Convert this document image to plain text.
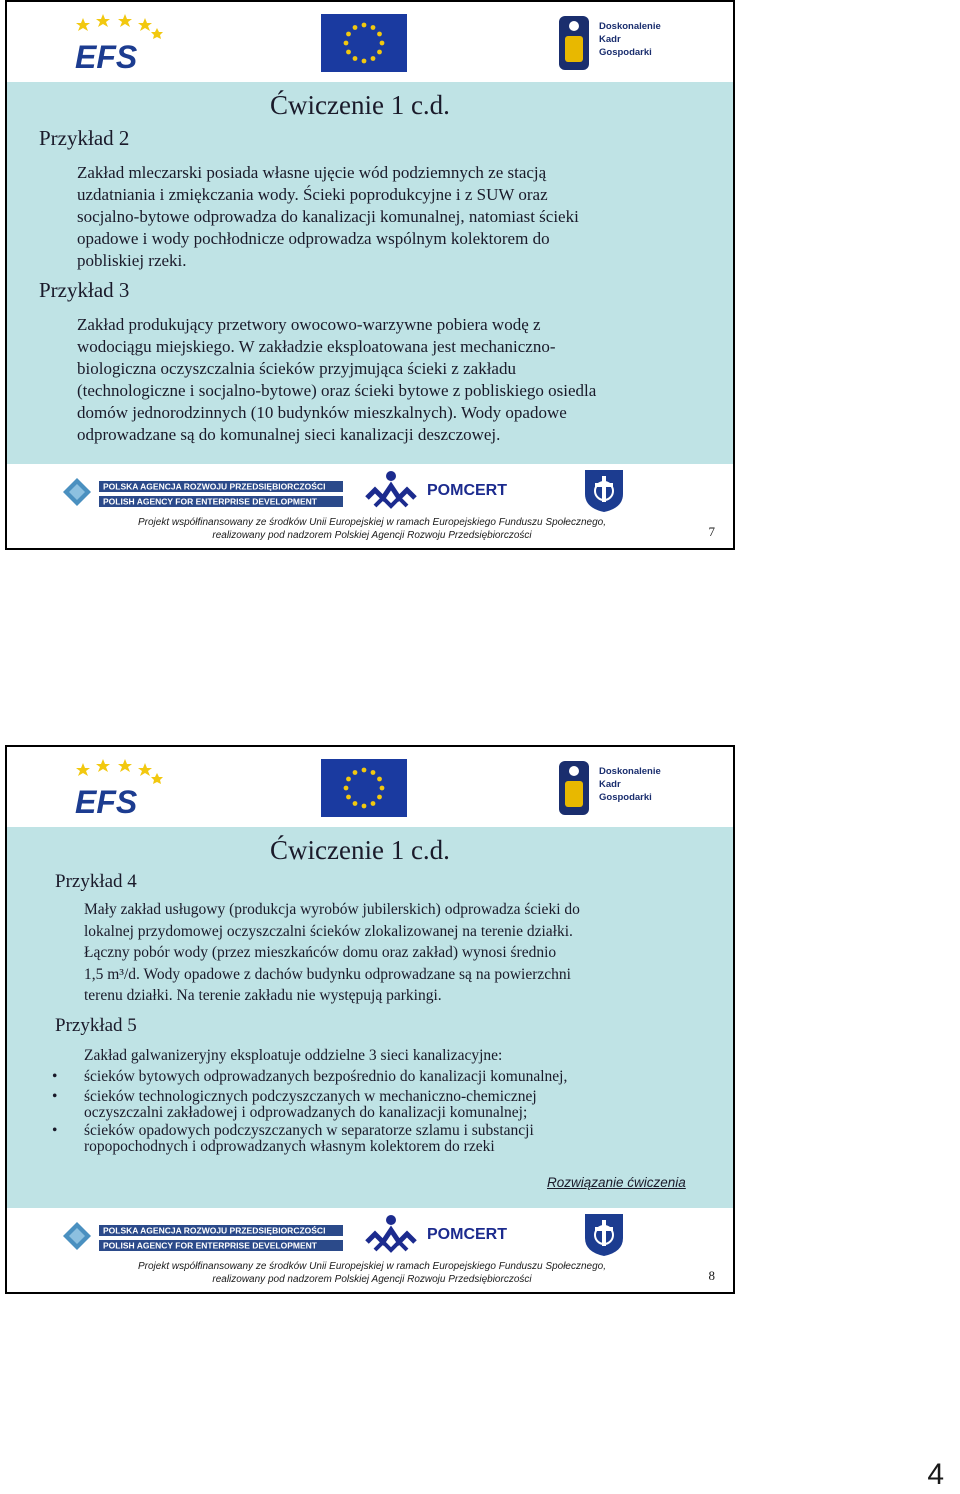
EFS
Doskonalenie
Kadr
Gospodarki
Ćwiczenie 1 c.d.
Przykład 2
Zakład mleczarski posiada własne ujęcie wód podziemnych ze stacją
uzdatniania i zmiękczania wody. Ścieki poprodukcyjne i z SUW oraz
socjalno-bytowe odprowadza do kanalizacji komunalnej, natomiast ścieki
opadowe i wody pochłodnicze odprowadza wspólnym kolektorem do
pobliskiej rzeki.
Przykład 3
Zakład produkujący przetwory owocowo-warzywne pobiera wodę z
wodociągu miejskiego. W zakładzie eksploatowana jest mechaniczno-
biologiczna oczyszczalnia ścieków przyjmująca ścieki z zakładu
(technologiczne i socjalno-bytowe) oraz ścieki bytowe z pobliskiego osiedla
domów jednorodzinnych (10 budynków mieszkalnych). Wody opadowe
odprowadzane są do komunalnej sieci kanalizacji deszczowej.
POLSKA AGENCJA ROZWOJU PRZEDSIĘBIORCZOŚCI
POLISH AGENCY FOR ENTERPRISE DEVELOPMENT
POMCERT
Projekt współfinansowany ze środków Unii Europejskiej w ramach Europejskiego Funduszu Społecznego,
realizowany pod nadzorem Polskiej Agencji Rozwoju Przedsiębiorczości	7
EFS
Doskonalenie
Kadr
Gospodarki
Ćwiczenie 1 c.d.
Przykład 4
Mały zakład usługowy (produkcja wyrobów jubilerskich) odprowadza ścieki do
lokalnej przydomowej oczyszczalni ścieków zlokalizowanej na terenie działki.
Łączny pobór wody (przez mieszkańców domu oraz zakład) wynosi średnio
1,5 m³/d. Wody opadowe z dachów budynku odprowadzane są na powierzchni
terenu działki. Na terenie zakładu nie występują parkingi.
Przykład 5
Zakład galwanizeryjny eksploatuje oddzielne 3 sieci kanalizacyjne:
• ścieków bytowych odprowadzanych bezpośrednio do kanalizacji komunalnej,
• ścieków technologicznych podczyszczanych w mechaniczno-chemicznej
oczyszczalni zakładowej i odprowadzanych do kanalizacji komunalnej;
• ścieków opadowych podczyszczanych w separatorze szlamu i substancji
ropopochodnych i odprowadzanych własnym kolektorem do rzeki
Rozwiązanie ćwiczenia
POLSKA AGENCJA ROZWOJU PRZEDSIĘBIORCZOŚCI
POLISH AGENCY FOR ENTERPRISE DEVELOPMENT
POMCERT
Projekt współfinansowany ze środków Unii Europejskiej w ramach Europejskiego Funduszu Społecznego,
realizowany pod nadzorem Polskiej Agencji Rozwoju Przedsiębiorczości	8
4
